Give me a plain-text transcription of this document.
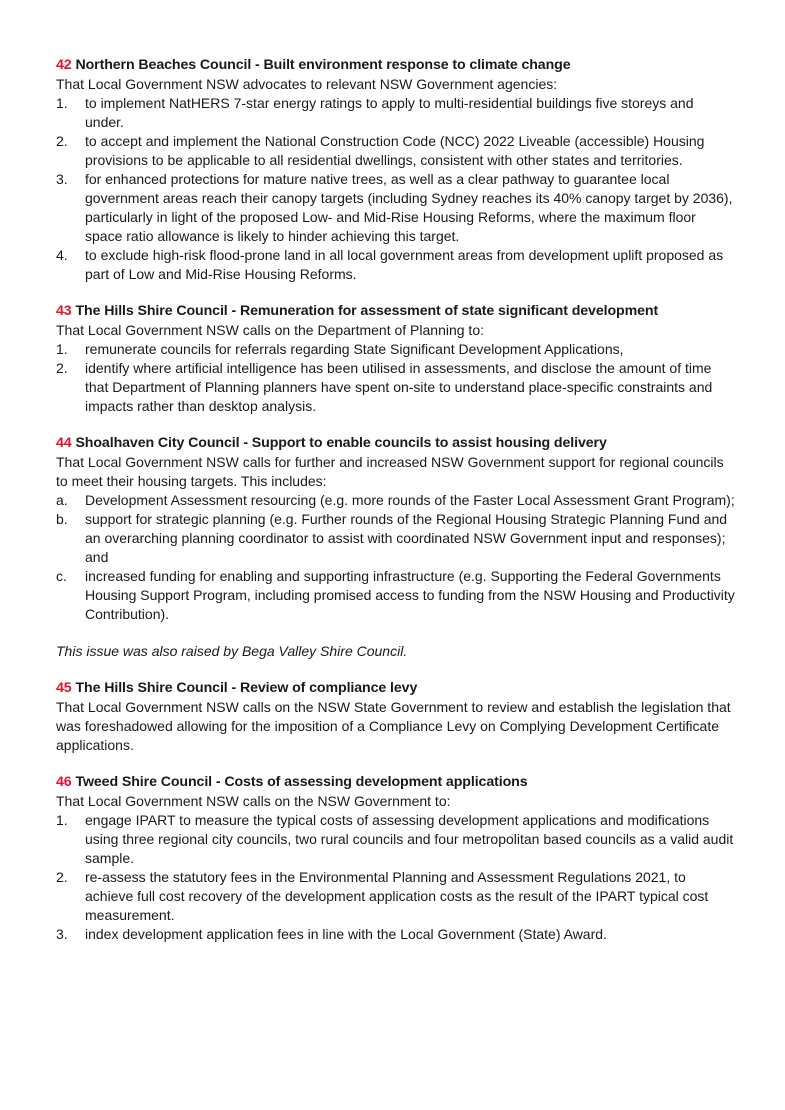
42 Northern Beaches Council - Built environment response to climate change
That Local Government NSW advocates to relevant NSW Government agencies:
1. to implement NatHERS 7-star energy ratings to apply to multi-residential buildings five storeys and under.
2. to accept and implement the National Construction Code (NCC) 2022 Liveable (accessible) Housing provisions to be applicable to all residential dwellings, consistent with other states and territories.
3. for enhanced protections for mature native trees, as well as a clear pathway to guarantee local government areas reach their canopy targets (including Sydney reaches its 40% canopy target by 2036), particularly in light of the proposed Low- and Mid-Rise Housing Reforms, where the maximum floor space ratio allowance is likely to hinder achieving this target.
4. to exclude high-risk flood-prone land in all local government areas from development uplift proposed as part of Low and Mid-Rise Housing Reforms.
43 The Hills Shire Council - Remuneration for assessment of state significant development
That Local Government NSW calls on the Department of Planning to:
1. remunerate councils for referrals regarding State Significant Development Applications,
2. identify where artificial intelligence has been utilised in assessments, and disclose the amount of time that Department of Planning planners have spent on-site to understand place-specific constraints and impacts rather than desktop analysis.
44 Shoalhaven City Council - Support to enable councils to assist housing delivery
That Local Government NSW calls for further and increased NSW Government support for regional councils to meet their housing targets. This includes:
a. Development Assessment resourcing (e.g. more rounds of the Faster Local Assessment Grant Program);
b. support for strategic planning (e.g. Further rounds of the Regional Housing Strategic Planning Fund and an overarching planning coordinator to assist with coordinated NSW Government input and responses); and
c. increased funding for enabling and supporting infrastructure (e.g. Supporting the Federal Governments Housing Support Program, including promised access to funding from the NSW Housing and Productivity Contribution).
This issue was also raised by Bega Valley Shire Council.
45 The Hills Shire Council - Review of compliance levy
That Local Government NSW calls on the NSW State Government to review and establish the legislation that was foreshadowed allowing for the imposition of a Compliance Levy on Complying Development Certificate applications.
46 Tweed Shire Council - Costs of assessing development applications
That Local Government NSW calls on the NSW Government to:
1. engage IPART to measure the typical costs of assessing development applications and modifications using three regional city councils, two rural councils and four metropolitan based councils as a valid audit sample.
2. re-assess the statutory fees in the Environmental Planning and Assessment Regulations 2021, to achieve full cost recovery of the development application costs as the result of the IPART typical cost measurement.
3. index development application fees in line with the Local Government (State) Award.
